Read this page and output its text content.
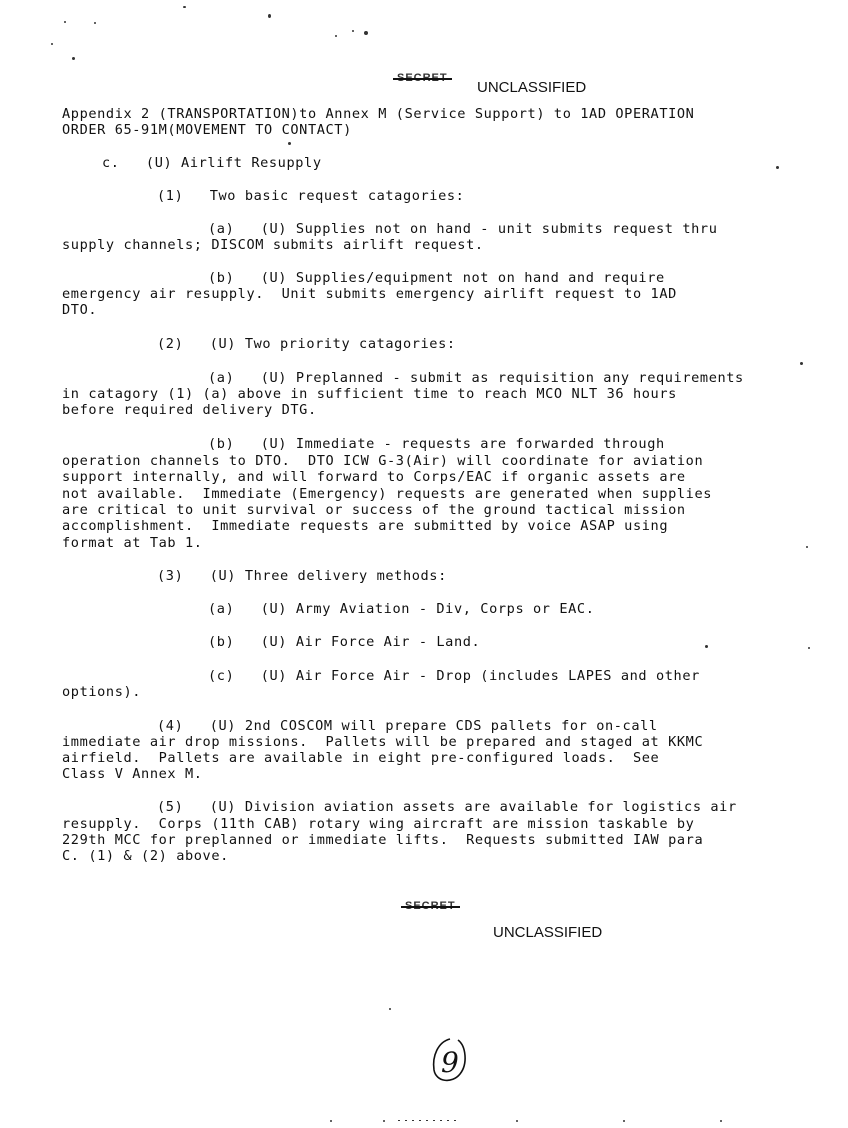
SECRET
UNCLASSIFIED
Appendix 2 (TRANSPORTATION)to Annex M (Service Support) to 1AD OPERATION
ORDER 65-91M(MOVEMENT TO CONTACT)
c.   (U) Airlift Resupply
(1)   Two basic request catagories:
(a)   (U) Supplies not on hand - unit submits request thru
supply channels; DISCOM submits airlift request.
(b)   (U) Supplies/equipment not on hand and require
emergency air resupply.  Unit submits emergency airlift request to 1AD
DTO.
(2)   (U) Two priority catagories:
(a)   (U) Preplanned - submit as requisition any requirements
in catagory (1) (a) above in sufficient time to reach MCO NLT 36 hours
before required delivery DTG.
(b)   (U) Immediate - requests are forwarded through
operation channels to DTO.  DTO ICW G-3(Air) will coordinate for aviation
support internally, and will forward to Corps/EAC if organic assets are
not available.  Immediate (Emergency) requests are generated when supplies
are critical to unit survival or success of the ground tactical mission
accomplishment.  Immediate requests are submitted by voice ASAP using
format at Tab 1.
(3)   (U) Three delivery methods:
(a)   (U) Army Aviation - Div, Corps or EAC.
(b)   (U) Air Force Air - Land.
(c)   (U) Air Force Air - Drop (includes LAPES and other
options).
(4)   (U) 2nd COSCOM will prepare CDS pallets for on-call
immediate air drop missions.  Pallets will be prepared and staged at KKMC
airfield.  Pallets are available in eight pre-configured loads.  See
Class V Annex M.
(5)   (U) Division aviation assets are available for logistics air
resupply.  Corps (11th CAB) rotary wing aircraft are mission taskable by
229th MCC for preplanned or immediate lifts.  Requests submitted IAW para
C. (1) & (2) above.
SECRET
UNCLASSIFIED
9
